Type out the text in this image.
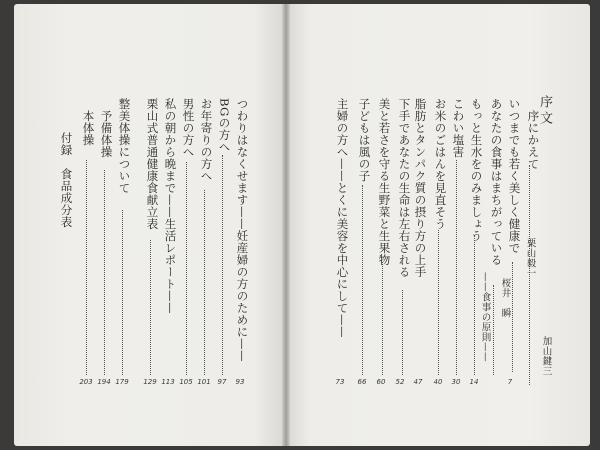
序文
序にかえて
栗山毅一
いつまでも若く美しく健康で
桜井　瞬
7
あなたの食事はまちがっている
——食事の原則——	加山鍵三
もっと生水をのみましょう
14
こわい塩害
30
お米のごはんを見直そう
40
脂肪とタンパク質の摂り方の上手
下手であなたの生命は左右される
47
美と若さを守る生野菜と生果物
52
子どもは風の子
60
主婦の方へ——とくに美容を中心にして——
66
73
つわりはなくせます——妊産婦の方のために——
93
BGの方へ
97
お年寄りの方へ
101
男性の方へ
105
私の朝から晩まで——生活レポート——
113
栗山式普通健康食献立表
129
整美体操について
179
予備体操
194
本体操
203
付録　食品成分表
